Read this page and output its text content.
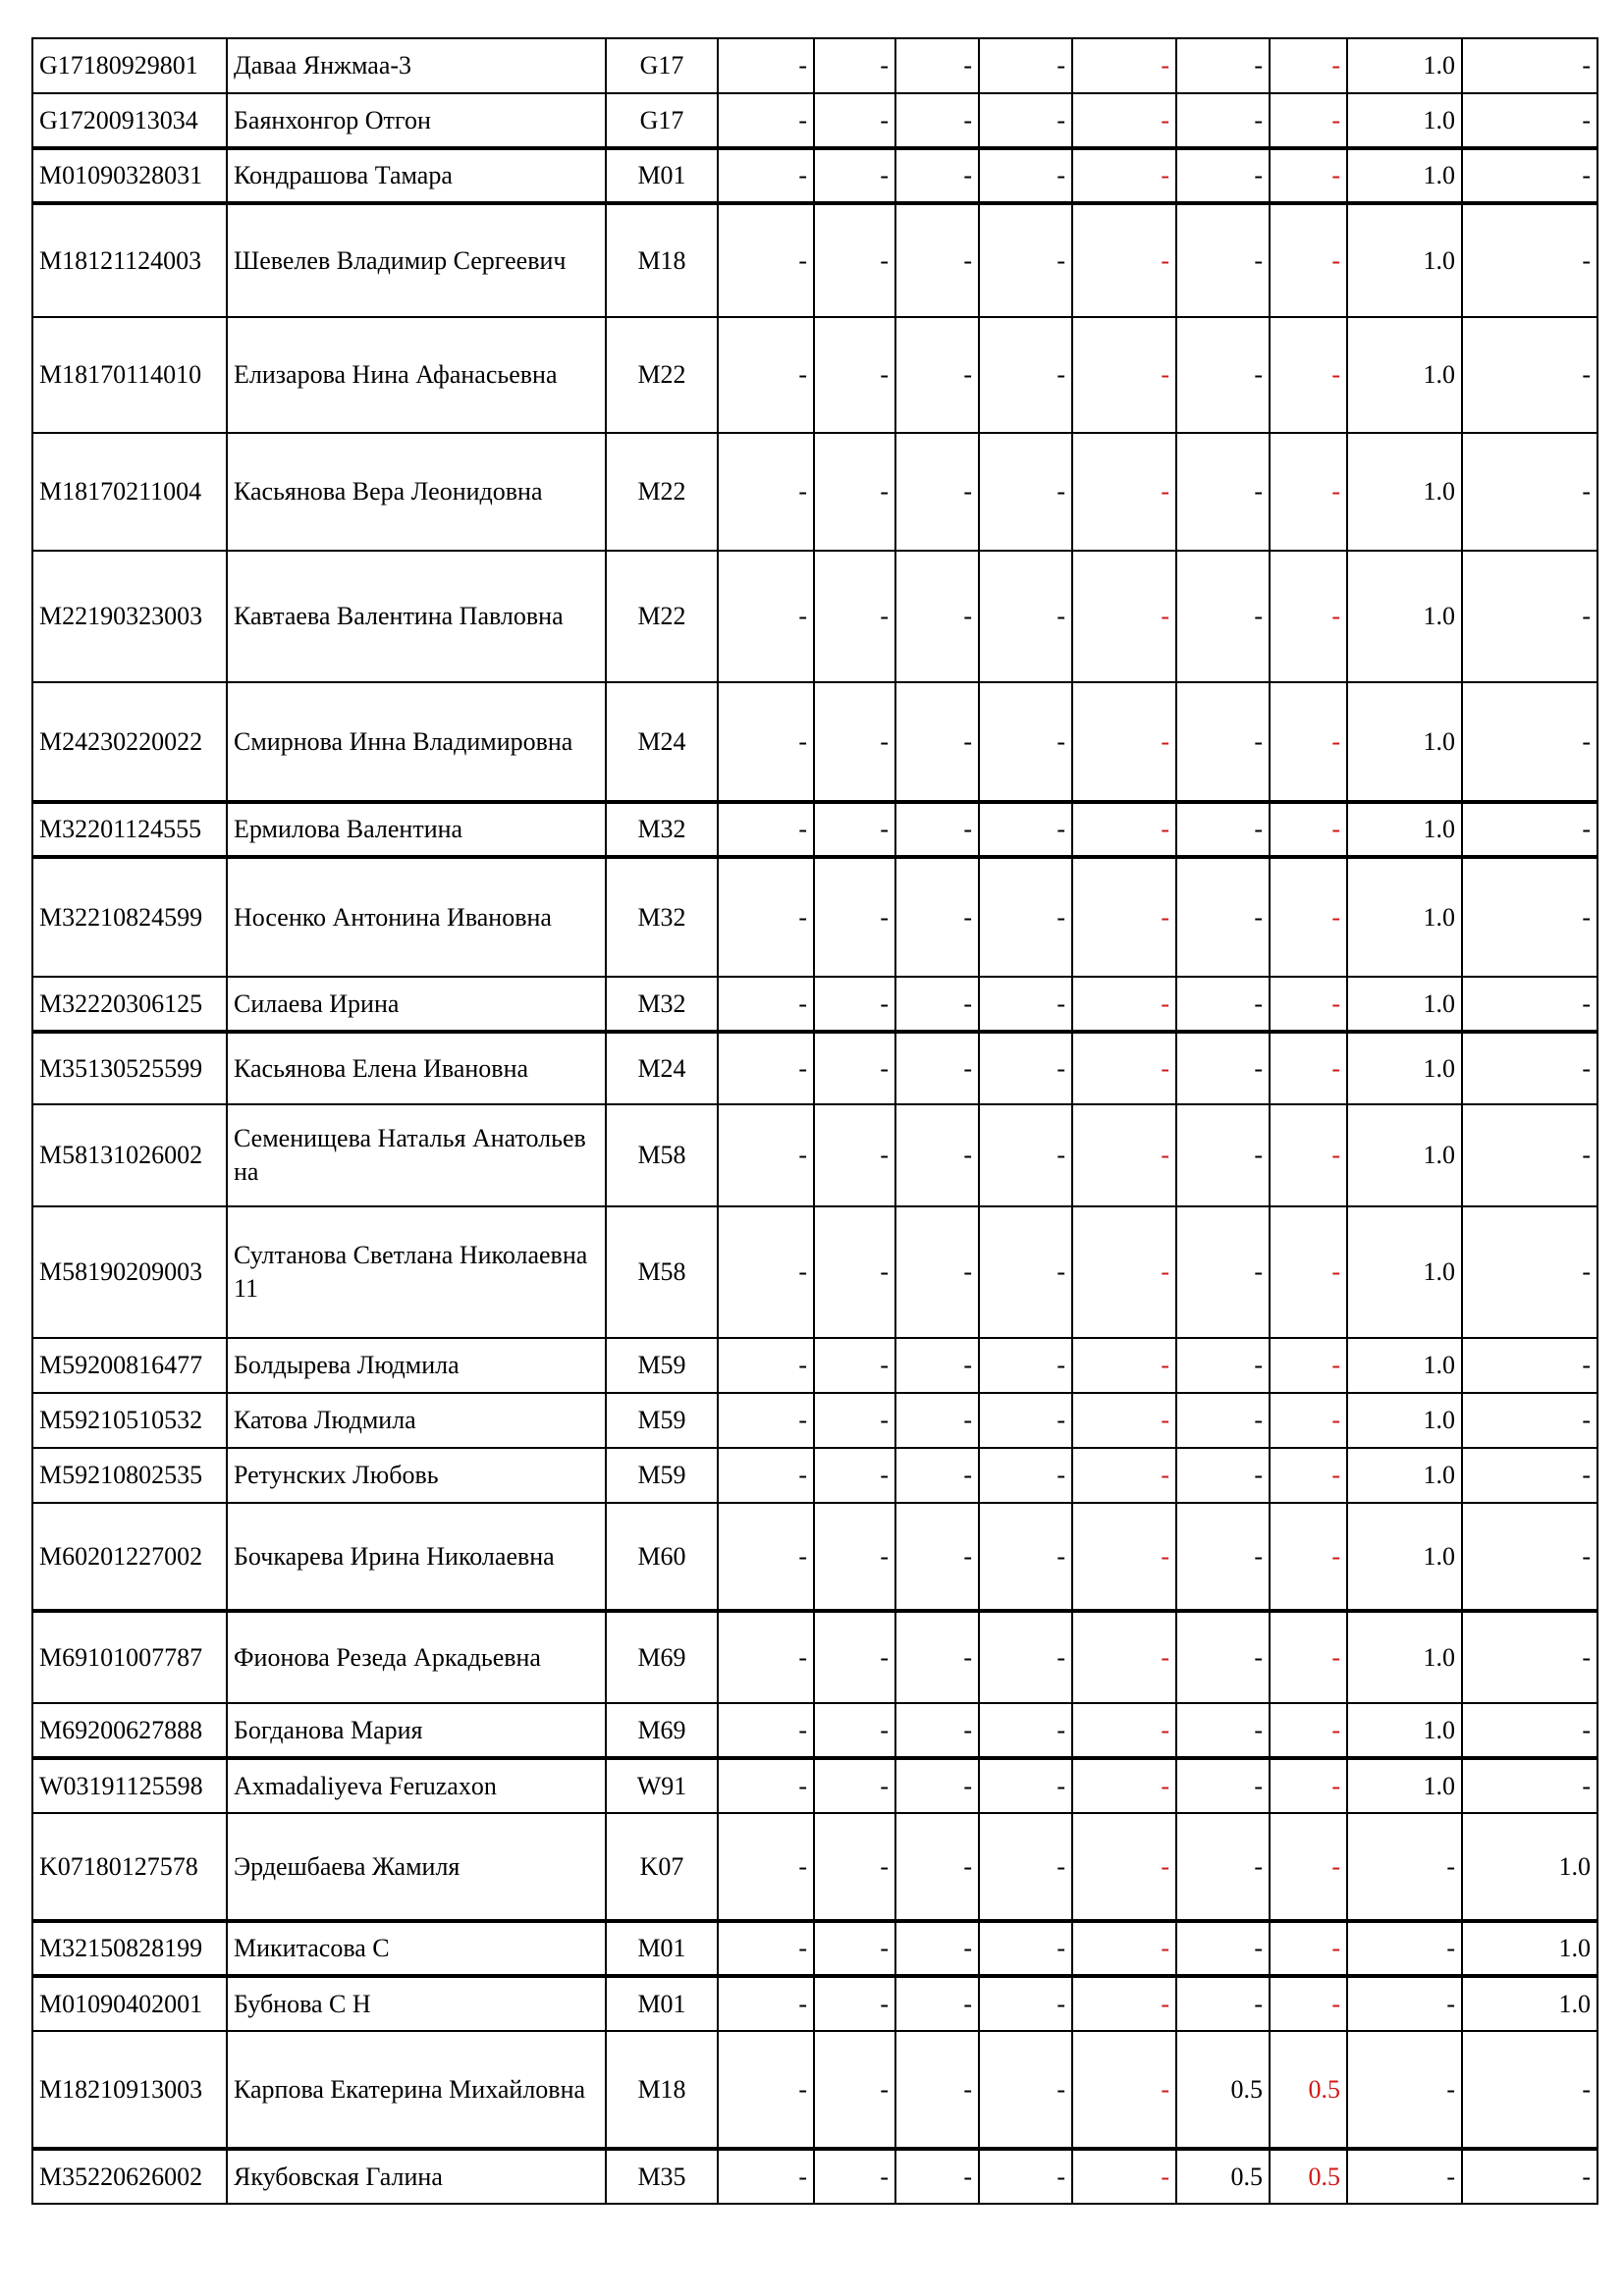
G17180929801	Даваа Янжмаа-3	G17	-	-	-	-	-	-	-	1.0	-
G17200913034	Баянхонгор Отгон	G17	-	-	-	-	-	-	-	1.0	-
M01090328031	Кондрашова Тамара	M01	-	-	-	-	-	-	-	1.0	-
M18121124003	Шевелев Владимир Сергеевич	M18	-	-	-	-	-	-	-	1.0	-
M18170114010	Елизарова Нина Афанасьевна	M22	-	-	-	-	-	-	-	1.0	-
M18170211004	Касьянова Вера Леонидовна	M22	-	-	-	-	-	-	-	1.0	-
M22190323003	Кавтаева Валентина Павловна	M22	-	-	-	-	-	-	-	1.0	-
M24230220022	Смирнова Инна Владимировна	M24	-	-	-	-	-	-	-	1.0	-
M32201124555	Ермилова Валентина	M32	-	-	-	-	-	-	-	1.0	-
M32210824599	Носенко Антонина Ивановна	M32	-	-	-	-	-	-	-	1.0	-
M32220306125	Силаева Ирина	M32	-	-	-	-	-	-	-	1.0	-
M35130525599	Касьянова Елена Ивановна	M24	-	-	-	-	-	-	-	1.0	-
M58131026002	Семенищева Наталья Анатольевна	M58	-	-	-	-	-	-	-	1.0	-
M58190209003	Султанова Светлана Николаевна 11	M58	-	-	-	-	-	-	-	1.0	-
M59200816477	Болдырева Людмила	M59	-	-	-	-	-	-	-	1.0	-
M59210510532	Катова Людмила	M59	-	-	-	-	-	-	-	1.0	-
M59210802535	Ретунских Любовь	M59	-	-	-	-	-	-	-	1.0	-
M60201227002	Бочкарева Ирина Николаевна	M60	-	-	-	-	-	-	-	1.0	-
M69101007787	Фионова Резеда Аркадьевна	M69	-	-	-	-	-	-	-	1.0	-
M69200627888	Богданова Мария	M69	-	-	-	-	-	-	-	1.0	-
W03191125598	Axmadaliyeva Feruzaxon	W91	-	-	-	-	-	-	-	1.0	-
K07180127578	Эрдешбаева Жамиля	K07	-	-	-	-	-	-	-	-	1.0
M32150828199	Микитасова С	M01	-	-	-	-	-	-	-	-	1.0
M01090402001	Бубнова С Н	M01	-	-	-	-	-	-	-	-	1.0
M18210913003	Карпова Екатерина Михайловна	M18	-	-	-	-	-	0.5	0.5	-	-
M35220626002	Якубовская Галина	M35	-	-	-	-	-	0.5	0.5	-	-
